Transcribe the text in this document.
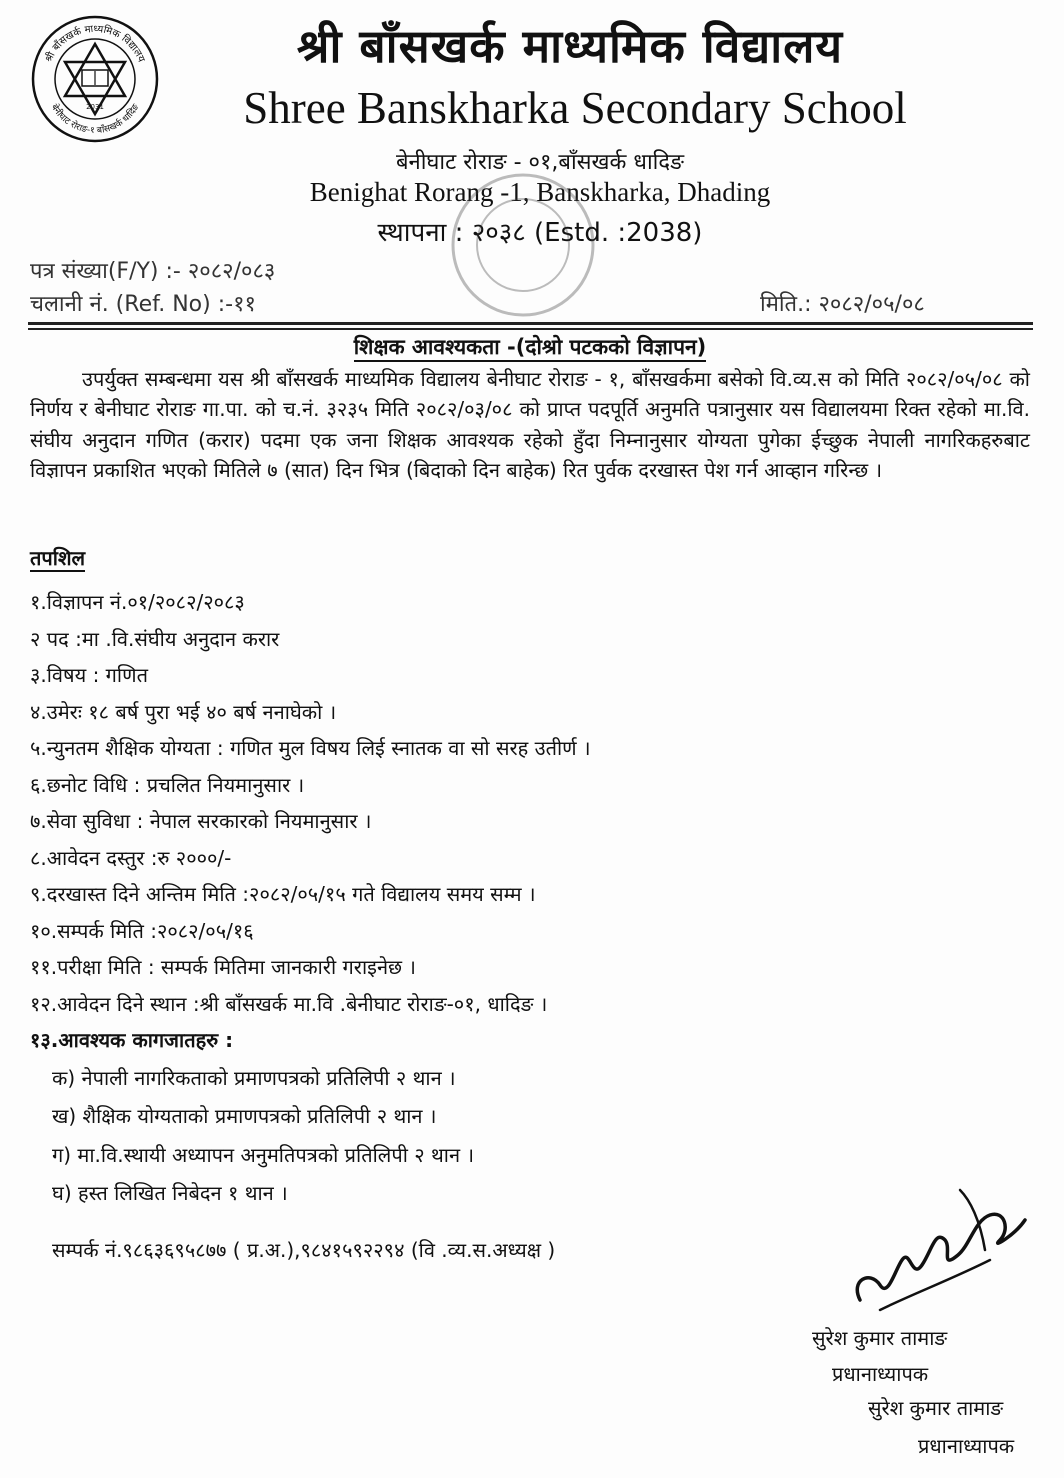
श्री बाँसखर्क माध्यमिक विद्यालय
बेनीघाट रोराङ-१ बाँसखर्क धादिङ
2031
श्री बाँसखर्क माध्यमिक विद्यालय
Shree Banskharka Secondary School
बेनीघाट रोराङ - ०१,बाँसखर्क धादिङ
Benighat Rorang -1, Banskharka, Dhading
स्थापना : २०३८ (Estd. :2038)
पत्र संख्या(F/Y) :- २०८२/०८३
चलानी नं. (Ref. No) :-११	मिति.: २०८२/०५/०८
शिक्षक आवश्यकता -(दोश्रो पटकको विज्ञापन)
उपर्युक्त सम्बन्धमा यस श्री बाँसखर्क माध्यमिक विद्यालय बेनीघाट रोराङ - १, बाँसखर्कमा बसेको वि.व्य.स को मिति २०८२/०५/०८ को निर्णय र बेनीघाट रोराङ गा.पा. को च.नं. ३२३५ मिति २०८२/०३/०८ को प्राप्त पदपूर्ति अनुमति पत्रानुसार यस विद्यालयमा रिक्त रहेको मा.वि. संघीय अनुदान गणित (करार) पदमा एक जना शिक्षक आवश्यक रहेको हुँदा निम्नानुसार योग्यता पुगेका ईच्छुक नेपाली नागरिकहरुबाट विज्ञापन प्रकाशित भएको मितिले ७ (सात) दिन भित्र (बिदाको दिन बाहेक) रित पुर्वक दरखास्त पेश गर्न आव्हान गरिन्छ ।
तपशिल
१.विज्ञापन नं.०१/२०८२/२०८३
२ पद :मा .वि.संघीय अनुदान करार
३.विषय : गणित
४.उमेरः १८ बर्ष पुरा भई ४० बर्ष ननाघेको ।
५.न्युनतम शैक्षिक योग्यता : गणित मुल विषय लिई स्नातक वा सो सरह उतीर्ण ।
६.छनोट विधि : प्रचलित नियमानुसार ।
७.सेवा सुविधा : नेपाल सरकारको नियमानुसार ।
८.आवेदन दस्तुर :रु २०००/-
९.दरखास्त दिने अन्तिम मिति :२०८२/०५/१५ गते विद्यालय समय सम्म ।
१०.सम्पर्क मिति :२०८२/०५/१६
११.परीक्षा मिति : सम्पर्क मितिमा जानकारी गराइनेछ ।
१२.आवेदन दिने स्थान :श्री बाँसखर्क मा.वि .बेनीघाट रोराङ-०१, धादिङ ।
१३.आवश्यक कागजातहरु :
क) नेपाली नागरिकताको प्रमाणपत्रको प्रतिलिपी २ थान ।
ख) शैक्षिक योग्यताको प्रमाणपत्रको प्रतिलिपी २ थान ।
ग) मा.वि.स्थायी अध्यापन अनुमतिपत्रको प्रतिलिपी २ थान ।
घ) हस्त लिखित निबेदन १ थान ।
सम्पर्क नं.९८६३६९५८७७ ( प्र.अ.),९८४१५९२२९४ (वि .व्य.स.अध्यक्ष )
सुरेश कुमार तामाङ
प्रधानाध्यापक
सुरेश कुमार तामाङ
प्रधानाध्यापक
